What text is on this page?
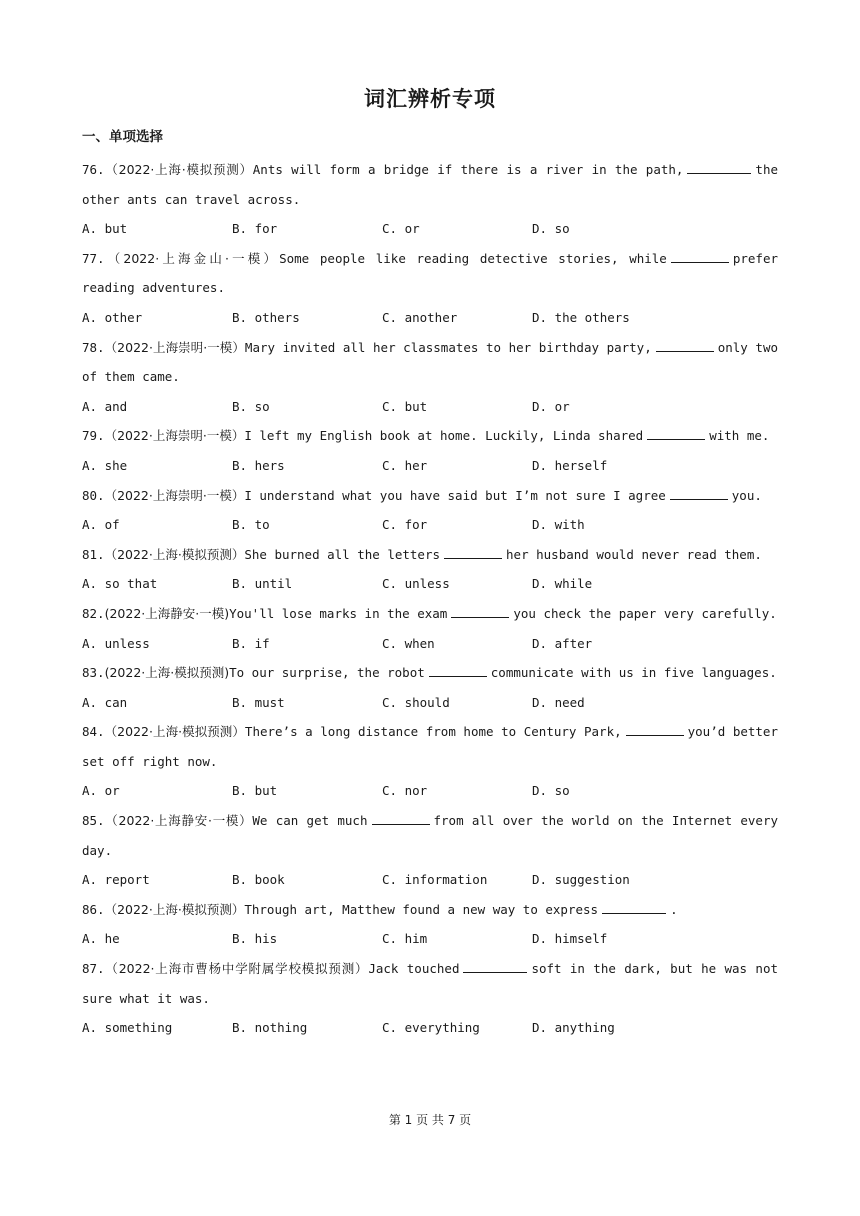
词汇辨析专项
一、单项选择

76.（2022·上海·模拟预测）Ants will form a bridge if there is a river in the path,	the other ants can travel across.

A. but	B. for	C. or	D. so

77.（2022·上海金山·一模）Some people like reading detective stories, while	prefer reading adventures.

A. other	B. others	C. another	D. the others

78.（2022·上海崇明·一模）Mary invited all her classmates to her birthday party,	only two of them came.

A. and	B. so	C. but	D. or

79.（2022·上海崇明·一模）I left my English book at home. Luckily, Linda shared	with me.

A. she	B. hers	C. her	D. herself

80.（2022·上海崇明·一模）I understand what you have said but I’m not sure I agree	you.

A. of	B. to	C. for	D. with

81.（2022·上海·模拟预测）She burned all the letters	her husband would never read them.

A. so that	B. until	C. unless	D. while

82.(2022·上海静安·一模)You'll lose marks in the exam	you check the paper very carefully.

A. unless	B. if	C. when	D. after

83.(2022·上海·模拟预测)To our surprise, the robot	communicate with us in five languages.

A. can	B. must	C. should	D. need

84.（2022·上海·模拟预测）There’s a long distance from home to Century Park,	you’d better set off right now.

A. or	B. but	C. nor	D. so

85.（2022·上海静安·一模）We can get much	from all over the world on the Internet every day.

A. report	B. book	C. information	D. suggestion

86.（2022·上海·模拟预测）Through art, Matthew found a new way to express	.

A. he	B. his	C. him	D. himself

87.（2022·上海市曹杨中学附属学校模拟预测）Jack touched	soft in the dark, but he was not sure what it was.

A. something	B. nothing	C. everything	D. anything
第 1 页 共 7 页
